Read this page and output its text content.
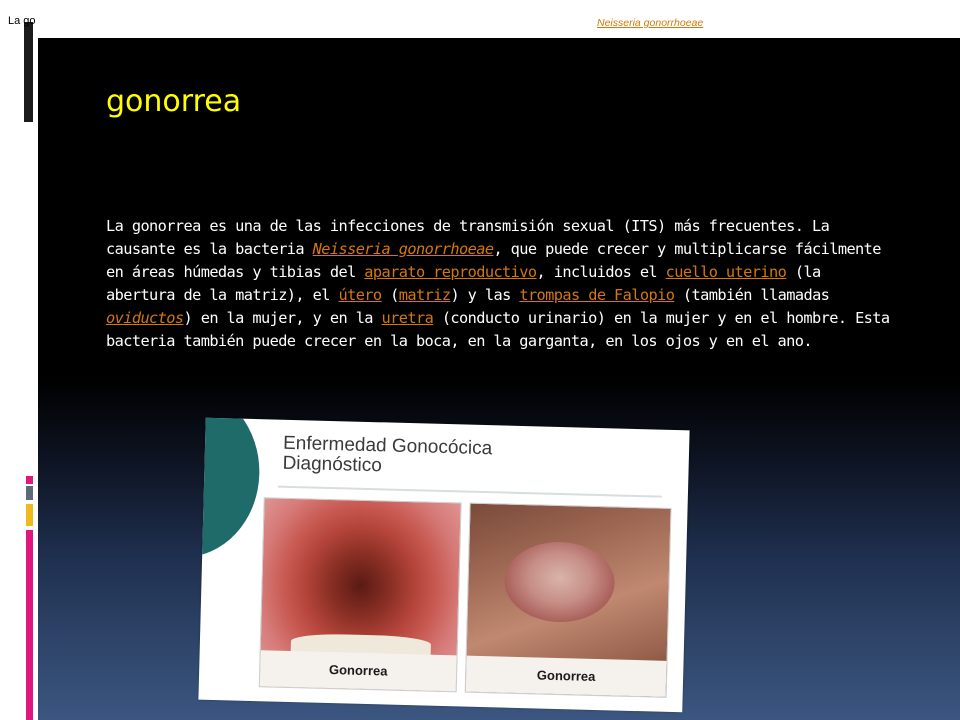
La go	Neisseria gonorrhoeae
gonorrea

La gonorrea es una de las infecciones de transmisión sexual (ITS) más frecuentes. La causante es la bacteria Neisseria gonorrhoeae, que puede crecer y multiplicarse fácilmente en áreas húmedas y tibias del aparato reproductivo, incluidos el cuello uterino (la abertura de la matriz), el útero (matriz) y las trompas de Falopio (también llamadas oviductos) en la mujer, y en la uretra (conducto urinario) en la mujer y en el hombre. Esta bacteria también puede crecer en la boca, en la garganta, en los ojos y en el ano.

Enfermedad Gonocócica
Diagnóstico
Gonorrea	Gonorrea
